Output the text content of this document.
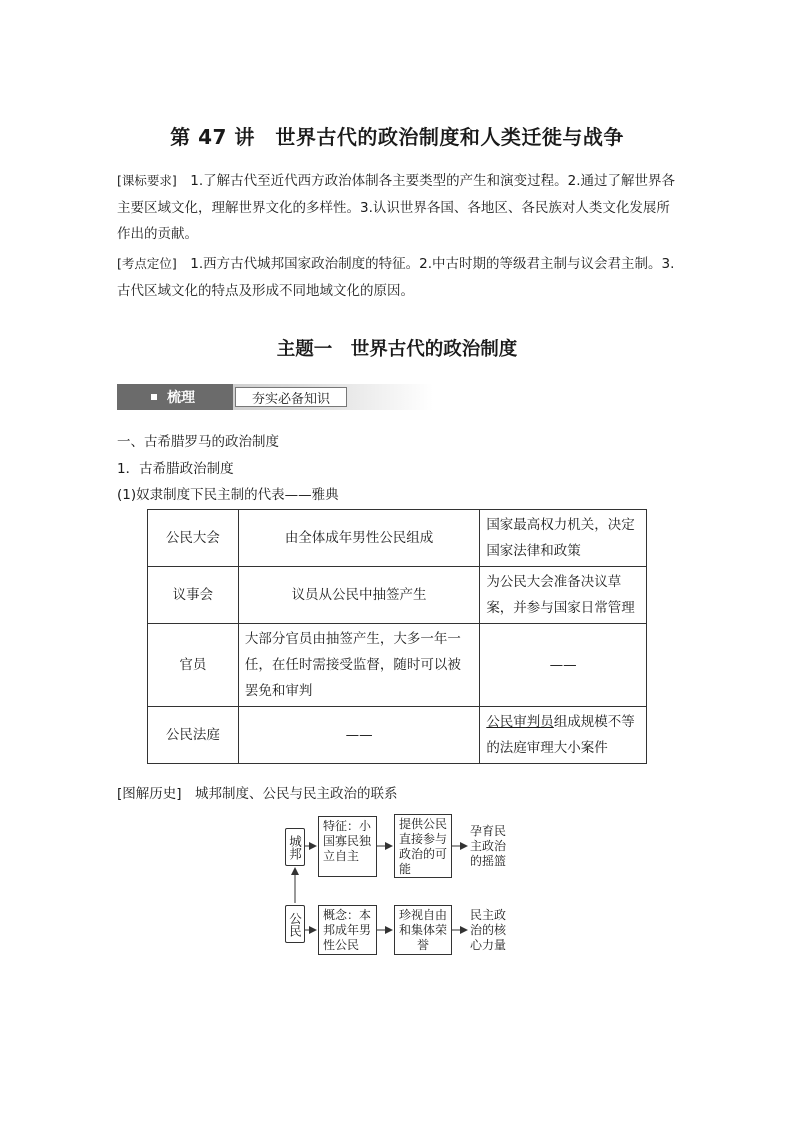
第 47 讲　世界古代的政治制度和人类迁徙与战争

[课标要求]　1.了解古代至近代西方政治体制各主要类型的产生和演变过程。2.通过了解世界各主要区域文化，理解世界文化的多样性。3.认识世界各国、各地区、各民族对人类文化发展所作出的贡献。

[考点定位]　1.西方古代城邦国家政治制度的特征。2.中古时期的等级君主制与议会君主制。3.古代区域文化的特点及形成不同地域文化的原因。

主题一　世界古代的政治制度
梳理	夯实必备知识
一、古希腊罗马的政治制度
1．古希腊政治制度
(1)奴隶制度下民主制的代表——雅典
公民大会	由全体成年男性公民组成	国家最高权力机关，决定国家法律和政策
议事会	议员从公民中抽签产生	为公民大会准备决议草案，并参与国家日常管理
官员	大部分官员由抽签产生，大多一年一任，在任时需接受监督，随时可以被罢免和审判	——
公民法庭	——	公民审判员组成规模不等的法庭审理大小案件
[图解历史]　城邦制度、公民与民主政治的联系
城邦
特征：小国寡民独立自主
提供公民直接参与政治的可能
孕育民主政治的摇篮
公民	概念：本邦成年男性公民
珍视自由和集体荣誉
民主政治的核心力量
